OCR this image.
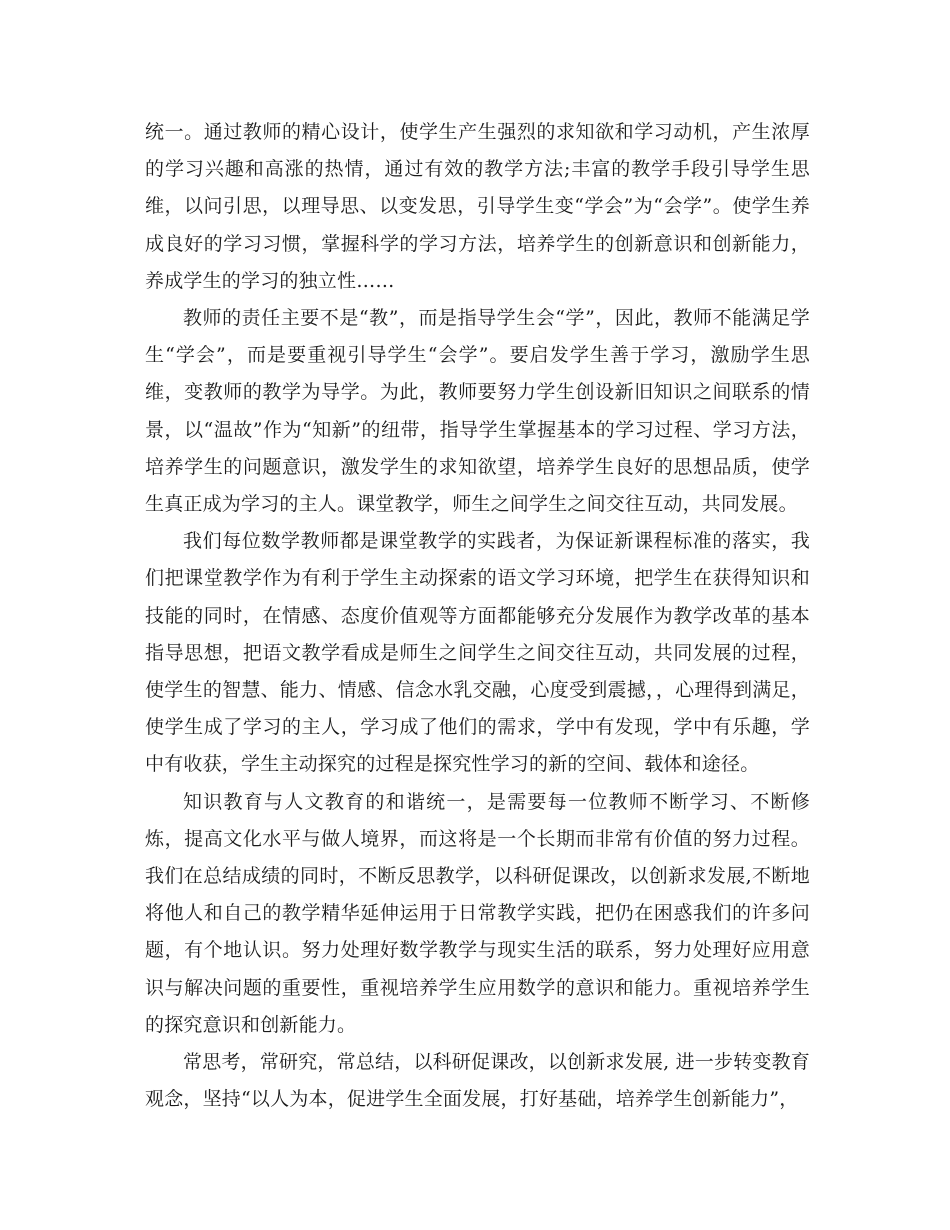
统一。通过教师的精心设计，使学生产生强烈的求知欲和学习动机，产生浓厚的学习兴趣和高涨的热情，通过有效的教学方法;丰富的教学手段引导学生思维，以问引思，以理导思、以变发思，引导学生变“学会”为“会学”。使学生养成良好的学习习惯，掌握科学的学习方法，培养学生的创新意识和创新能力，养成学生的学习的独立性……

教师的责任主要不是“教”，而是指导学生会“学”，因此，教师不能满足学生“学会”，而是要重视引导学生“会学”。要启发学生善于学习，激励学生思维，变教师的教学为导学。为此，教师要努力学生创设新旧知识之间联系的情景，以“温故”作为“知新”的纽带，指导学生掌握基本的学习过程、学习方法，培养学生的问题意识，激发学生的求知欲望，培养学生良好的思想品质，使学生真正成为学习的主人。课堂教学，师生之间学生之间交往互动，共同发展。

我们每位数学教师都是课堂教学的实践者，为保证新课程标准的落实，我们把课堂教学作为有利于学生主动探索的语文学习环境，把学生在获得知识和技能的同时，在情感、态度价值观等方面都能够充分发展作为教学改革的基本指导思想，把语文教学看成是师生之间学生之间交往互动，共同发展的过程，使学生的智慧、能力、情感、信念水乳交融，心度受到震撼，，心理得到满足，使学生成了学习的主人，学习成了他们的需求，学中有发现，学中有乐趣，学中有收获，学生主动探究的过程是探究性学习的新的空间、载体和途径。

知识教育与人文教育的和谐统一，是需要每一位教师不断学习、不断修炼，提高文化水平与做人境界，而这将是一个长期而非常有价值的努力过程。我们在总结成绩的同时，不断反思教学，以科研促课改，以创新求发展,不断地将他人和自己的教学精华延伸运用于日常教学实践，把仍在困惑我们的许多问题，有个地认识。努力处理好数学教学与现实生活的联系，努力处理好应用意识与解决问题的重要性，重视培养学生应用数学的意识和能力。重视培养学生的探究意识和创新能力。

常思考，常研究，常总结，以科研促课改，以创新求发展, 进一步转变教育观念，坚持“以人为本，促进学生全面发展，打好基础，培养学生创新能力”，
